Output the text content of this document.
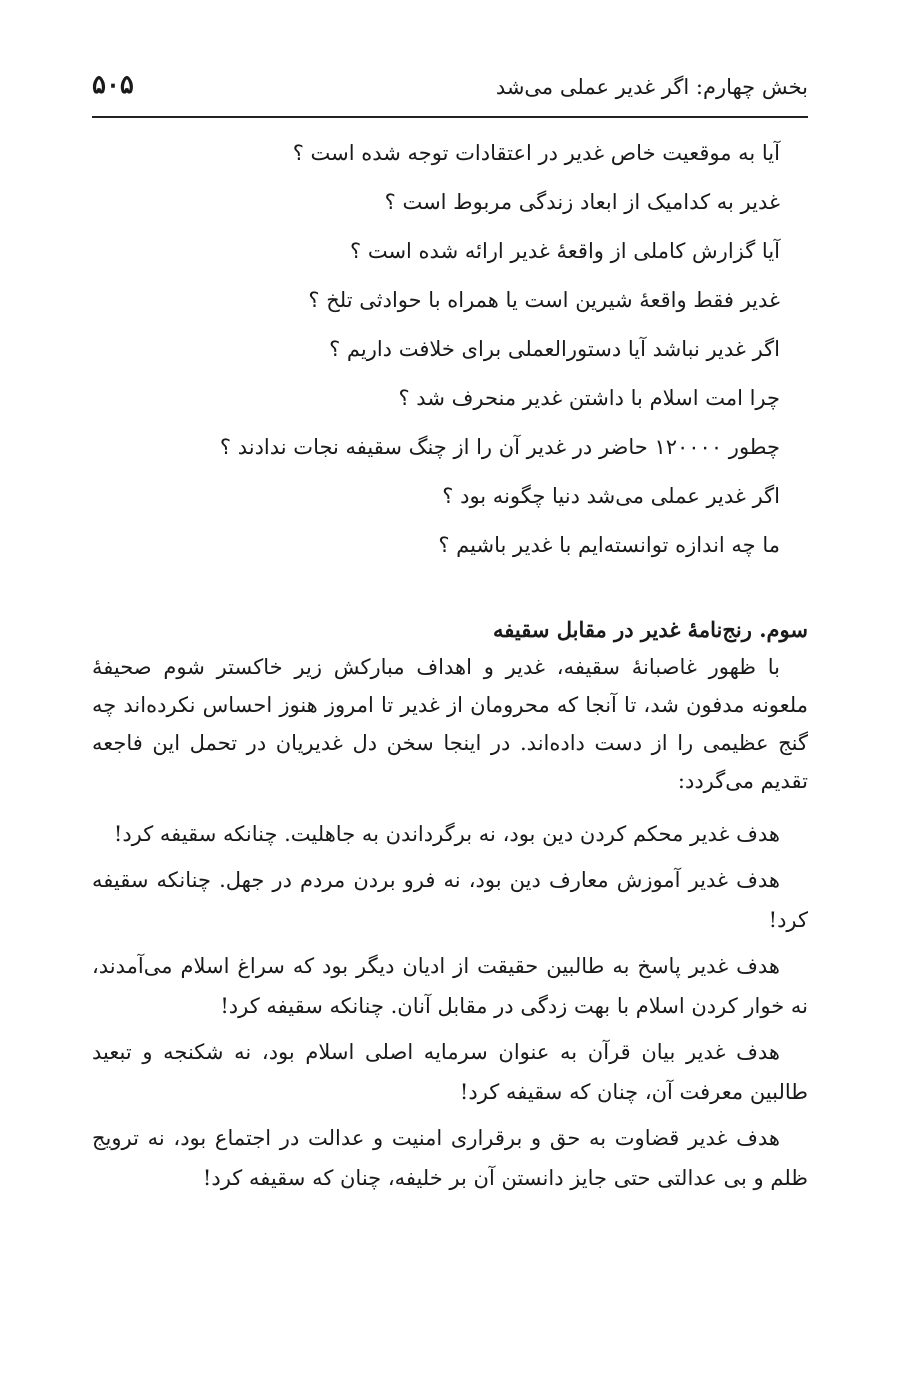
بخش چهارم: اگر غدیر عملی می‌شد
۵۰۵
آیا به موقعیت خاص غدیر در اعتقادات توجه شده است ؟
غدیر به کدامیک از ابعاد زندگی مربوط است ؟
آیا گزارش کاملی از واقعهٔ غدیر ارائه شده است ؟
غدیر فقط واقعهٔ شیرین است یا همراه با حوادثی تلخ ؟
اگر غدیر نباشد آیا دستورالعملی برای خلافت داریم ؟
چرا امت اسلام با داشتن غدیر منحرف شد ؟
چطور ۱۲۰۰۰۰ حاضر در غدیر آن را از چنگ سقیفه نجات ندادند ؟
اگر غدیر عملی می‌شد دنیا چگونه بود ؟
ما چه اندازه توانسته‌ایم با غدیر باشیم ؟
سوم. رنج‌نامهٔ غدیر در مقابل سقیفه

با ظهور غاصبانهٔ سقیفه، غدیر و اهداف مبارکش زیر خاکستر شوم صحیفهٔ ملعونه مدفون شد، تا آنجا که محرومان از غدیر تا امروز هنوز احساس نکرده‌اند چه گنج عظیمی را از دست داده‌اند. در اینجا سخن دل غدیریان در تحمل این فاجعه تقدیم می‌گردد:

هدف غدیر محکم کردن دین بود، نه برگرداندن به جاهلیت. چنانکه سقیفه کرد!

هدف غدیر آموزش معارف دین بود، نه فرو بردن مردم در جهل. چنانکه سقیفه کرد!

هدف غدیر پاسخ به طالبین حقیقت از ادیان دیگر بود که سراغ اسلام می‌آمدند، نه خوار کردن اسلام با بهت زدگی در مقابل آنان. چنانکه سقیفه کرد!

هدف غدیر بیان قرآن به عنوان سرمایه اصلی اسلام بود، نه شکنجه و تبعید طالبین معرفت آن، چنان که سقیفه کرد!

هدف غدیر قضاوت به حق و برقراری امنیت و عدالت در اجتماع بود، نه ترویج ظلم و بی عدالتی حتی جایز دانستن آن بر خلیفه، چنان که سقیفه کرد!
